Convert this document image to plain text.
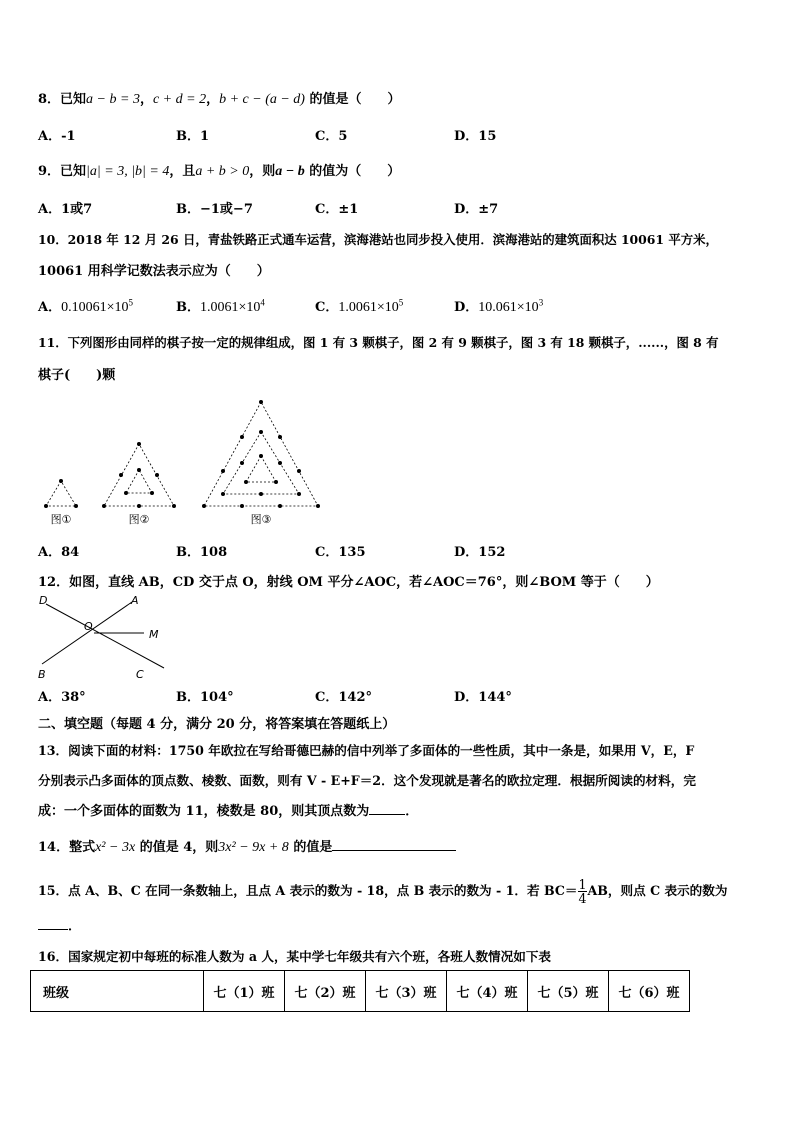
8．已知a − b = 3，c + d = 2，b + c − (a − d) 的值是（　　）
A．-1	B．1	C．5	D．15
9．已知|a| = 3, |b| = 4，且a + b > 0，则a − b 的值为（　　）
A．1或7	B．−1或−7	C．±1	D．±7
10．2018 年 12 月 26 日，青盐铁路正式通车运营，滨海港站也同步投入使用．滨海港站的建筑面积达 10061 平方米，
10061 用科学记数法表示应为（　　）
A．$0.10061\times 10^5$	B．$1.0061\times 10^4$	C．$1.0061\times 10^5$	D．$10.061\times 10^3$
11．下列图形由同样的棋子按一定的规律组成，图 1 有 3 颗棋子，图 2 有 9 颗棋子，图 3 有 18 颗棋子，......，图 8 有
棋子(　　)颗
图①	图②	图③
A．84	B．108	C．135	D．152
12．如图，直线 AB，CD 交于点 O，射线 OM 平分∠AOC，若∠AOC＝76°，则∠BOM 等于（　　）
D	A
O
M
B	C
A．38°	B．104°	C．142°	D．144°
二、填空题（每题 4 分，满分 20 分，将答案填在答题纸上）
13．阅读下面的材料：1750 年欧拉在写给哥德巴赫的信中列举了多面体的一些性质，其中一条是，如果用 V，E，F
分别表示凸多面体的顶点数、棱数、面数，则有 V - E+F＝2．这个发现就是著名的欧拉定理．根据所阅读的材料，完
成：一个多面体的面数为 11，棱数是 80，则其顶点数为	．
14．整式x² − 3x 的值是 4，则3x² − 9x + 8 的值是
15．点 A、B、C 在同一条数轴上，且点 A 表示的数为 - 18，点 B 表示的数为 - 1．若 $BC= \frac{1}{4}$ AB，则点 C 表示的数为
．
16．国家规定初中每班的标准人数为 a 人，某中学七年级共有六个班，各班人数情况如下表
班级	七（1）班	七（2）班	七（3）班	七（4）班	七（5）班	七（6）班
